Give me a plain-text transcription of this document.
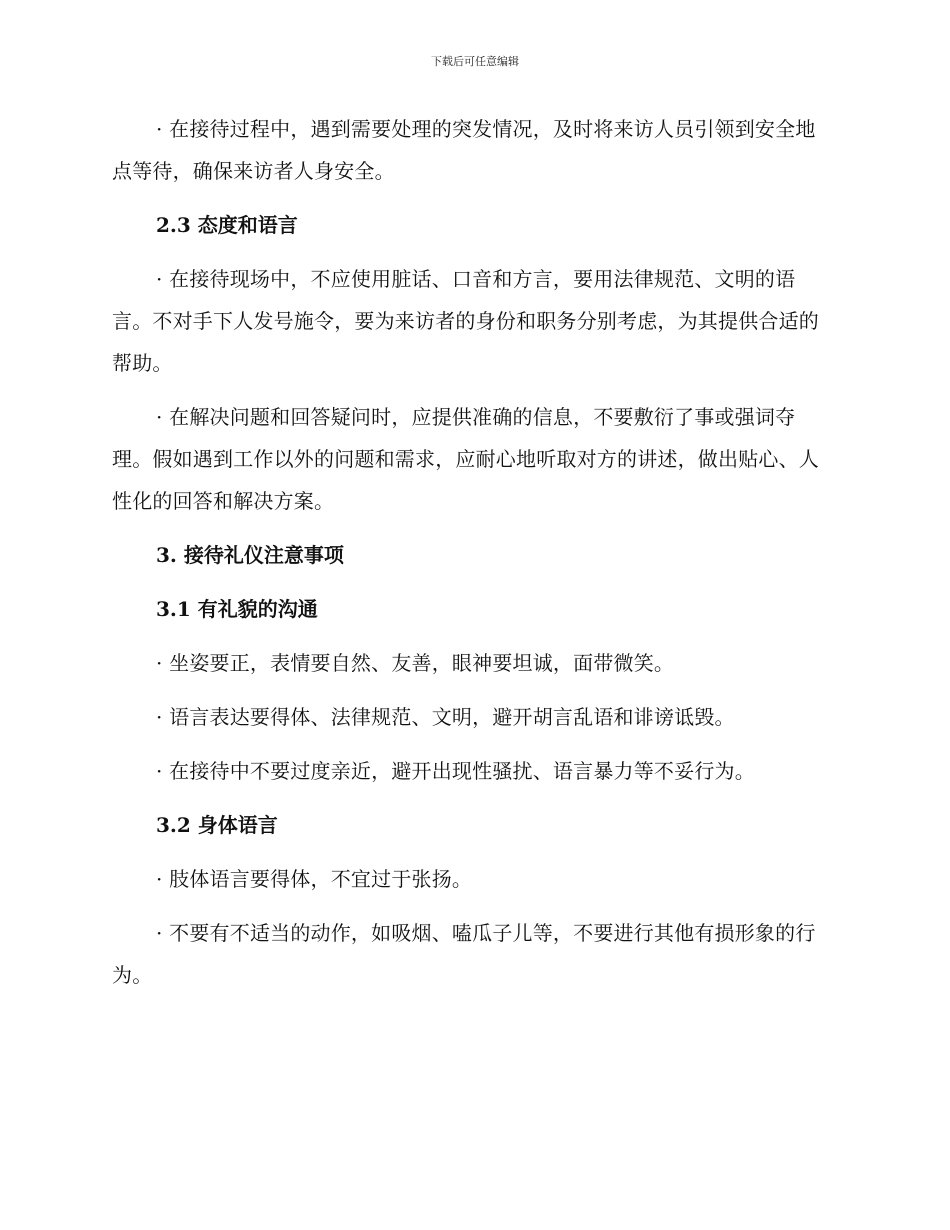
下载后可任意编辑

· 在接待过程中，遇到需要处理的突发情况，及时将来访人员引领到安全地点等待，确保来访者人身安全。

2.3 态度和语言

· 在接待现场中，不应使用脏话、口音和方言，要用法律规范、文明的语言。不对手下人发号施令，要为来访者的身份和职务分别考虑，为其提供合适的帮助。

· 在解决问题和回答疑问时，应提供准确的信息，不要敷衍了事或强词夺理。假如遇到工作以外的问题和需求，应耐心地听取对方的讲述，做出贴心、人性化的回答和解决方案。

3. 接待礼仪注意事项
3.1 有礼貌的沟通

· 坐姿要正，表情要自然、友善，眼神要坦诚，面带微笑。

· 语言表达要得体、法律规范、文明，避开胡言乱语和诽谤诋毁。

· 在接待中不要过度亲近，避开出现性骚扰、语言暴力等不妥行为。

3.2 身体语言

· 肢体语言要得体，不宜过于张扬。

· 不要有不适当的动作，如吸烟、嗑瓜子儿等，不要进行其他有损形象的行为。
